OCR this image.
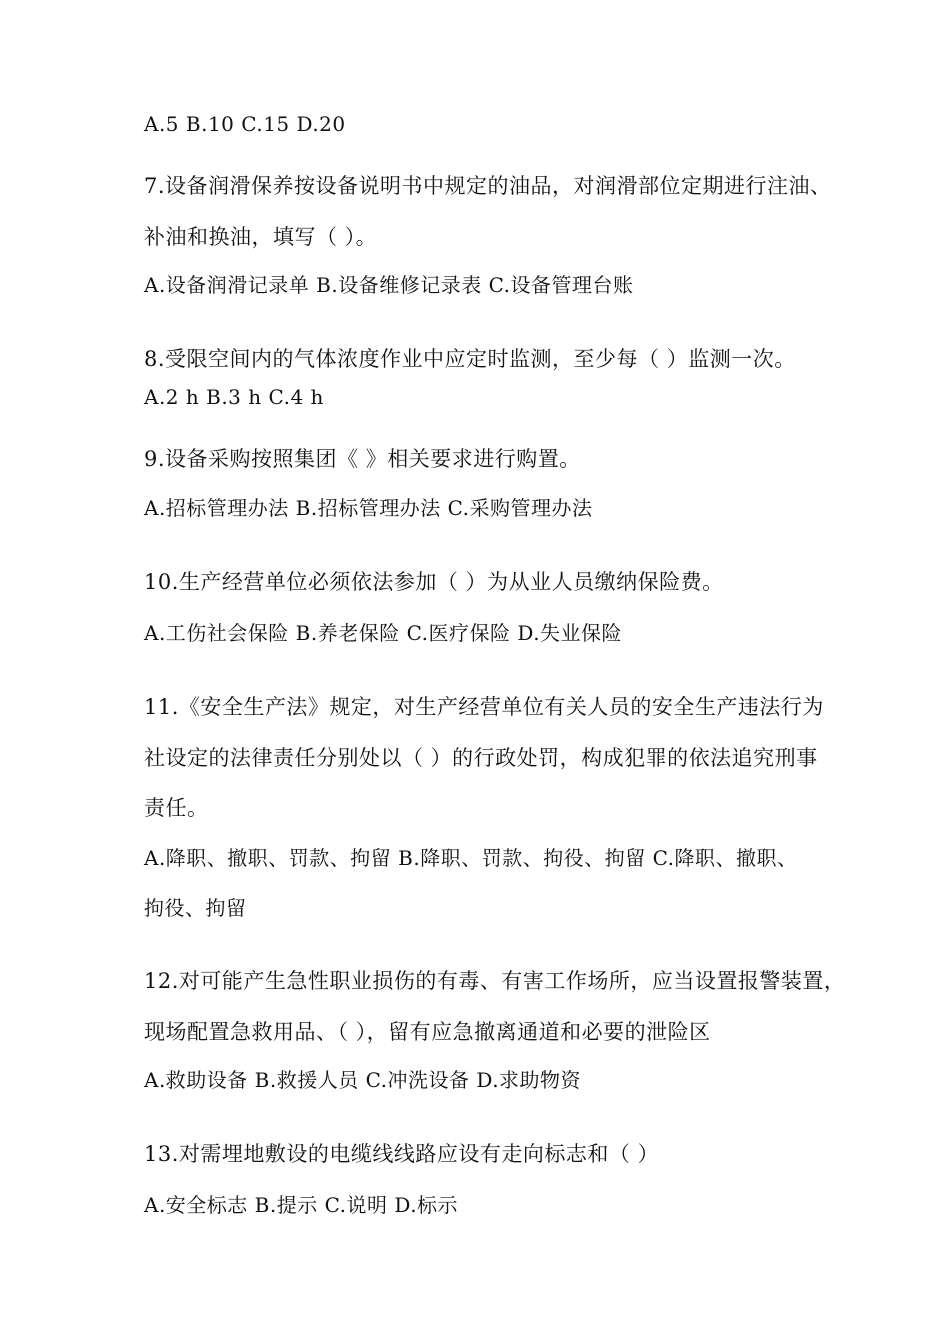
A.5 B.10 C.15 D.20
7.设备润滑保养按设备说明书中规定的油品，对润滑部位定期进行注油、
补油和换油，填写（ ）。
A.设备润滑记录单 B.设备维修记录表 C.设备管理台账
8.受限空间内的气体浓度作业中应定时监测，至少每（ ）监测一次。
A.2 h B.3 h C.4 h
9.设备采购按照集团《 》相关要求进行购置。
A.招标管理办法 B.招标管理办法 C.采购管理办法
10.生产经营单位必须依法参加（ ）为从业人员缴纳保险费。
A.工伤社会保险 B.养老保险 C.医疗保险 D.失业保险
11.《安全生产法》规定，对生产经营单位有关人员的安全生产违法行为
社设定的法律责任分别处以（ ）的行政处罚，构成犯罪的依法追究刑事
责任。
A.降职、撤职、罚款、拘留 B.降职、罚款、拘役、拘留 C.降职、撤职、
拘役、拘留
12.对可能产生急性职业损伤的有毒、有害工作场所，应当设置报警装置，
现场配置急救用品、（ ），留有应急撤离通道和必要的泄险区
A.救助设备 B.救援人员 C.冲洗设备 D.求助物资
13.对需埋地敷设的电缆线线路应设有走向标志和（ ）
A.安全标志 B.提示 C.说明 D.标示
